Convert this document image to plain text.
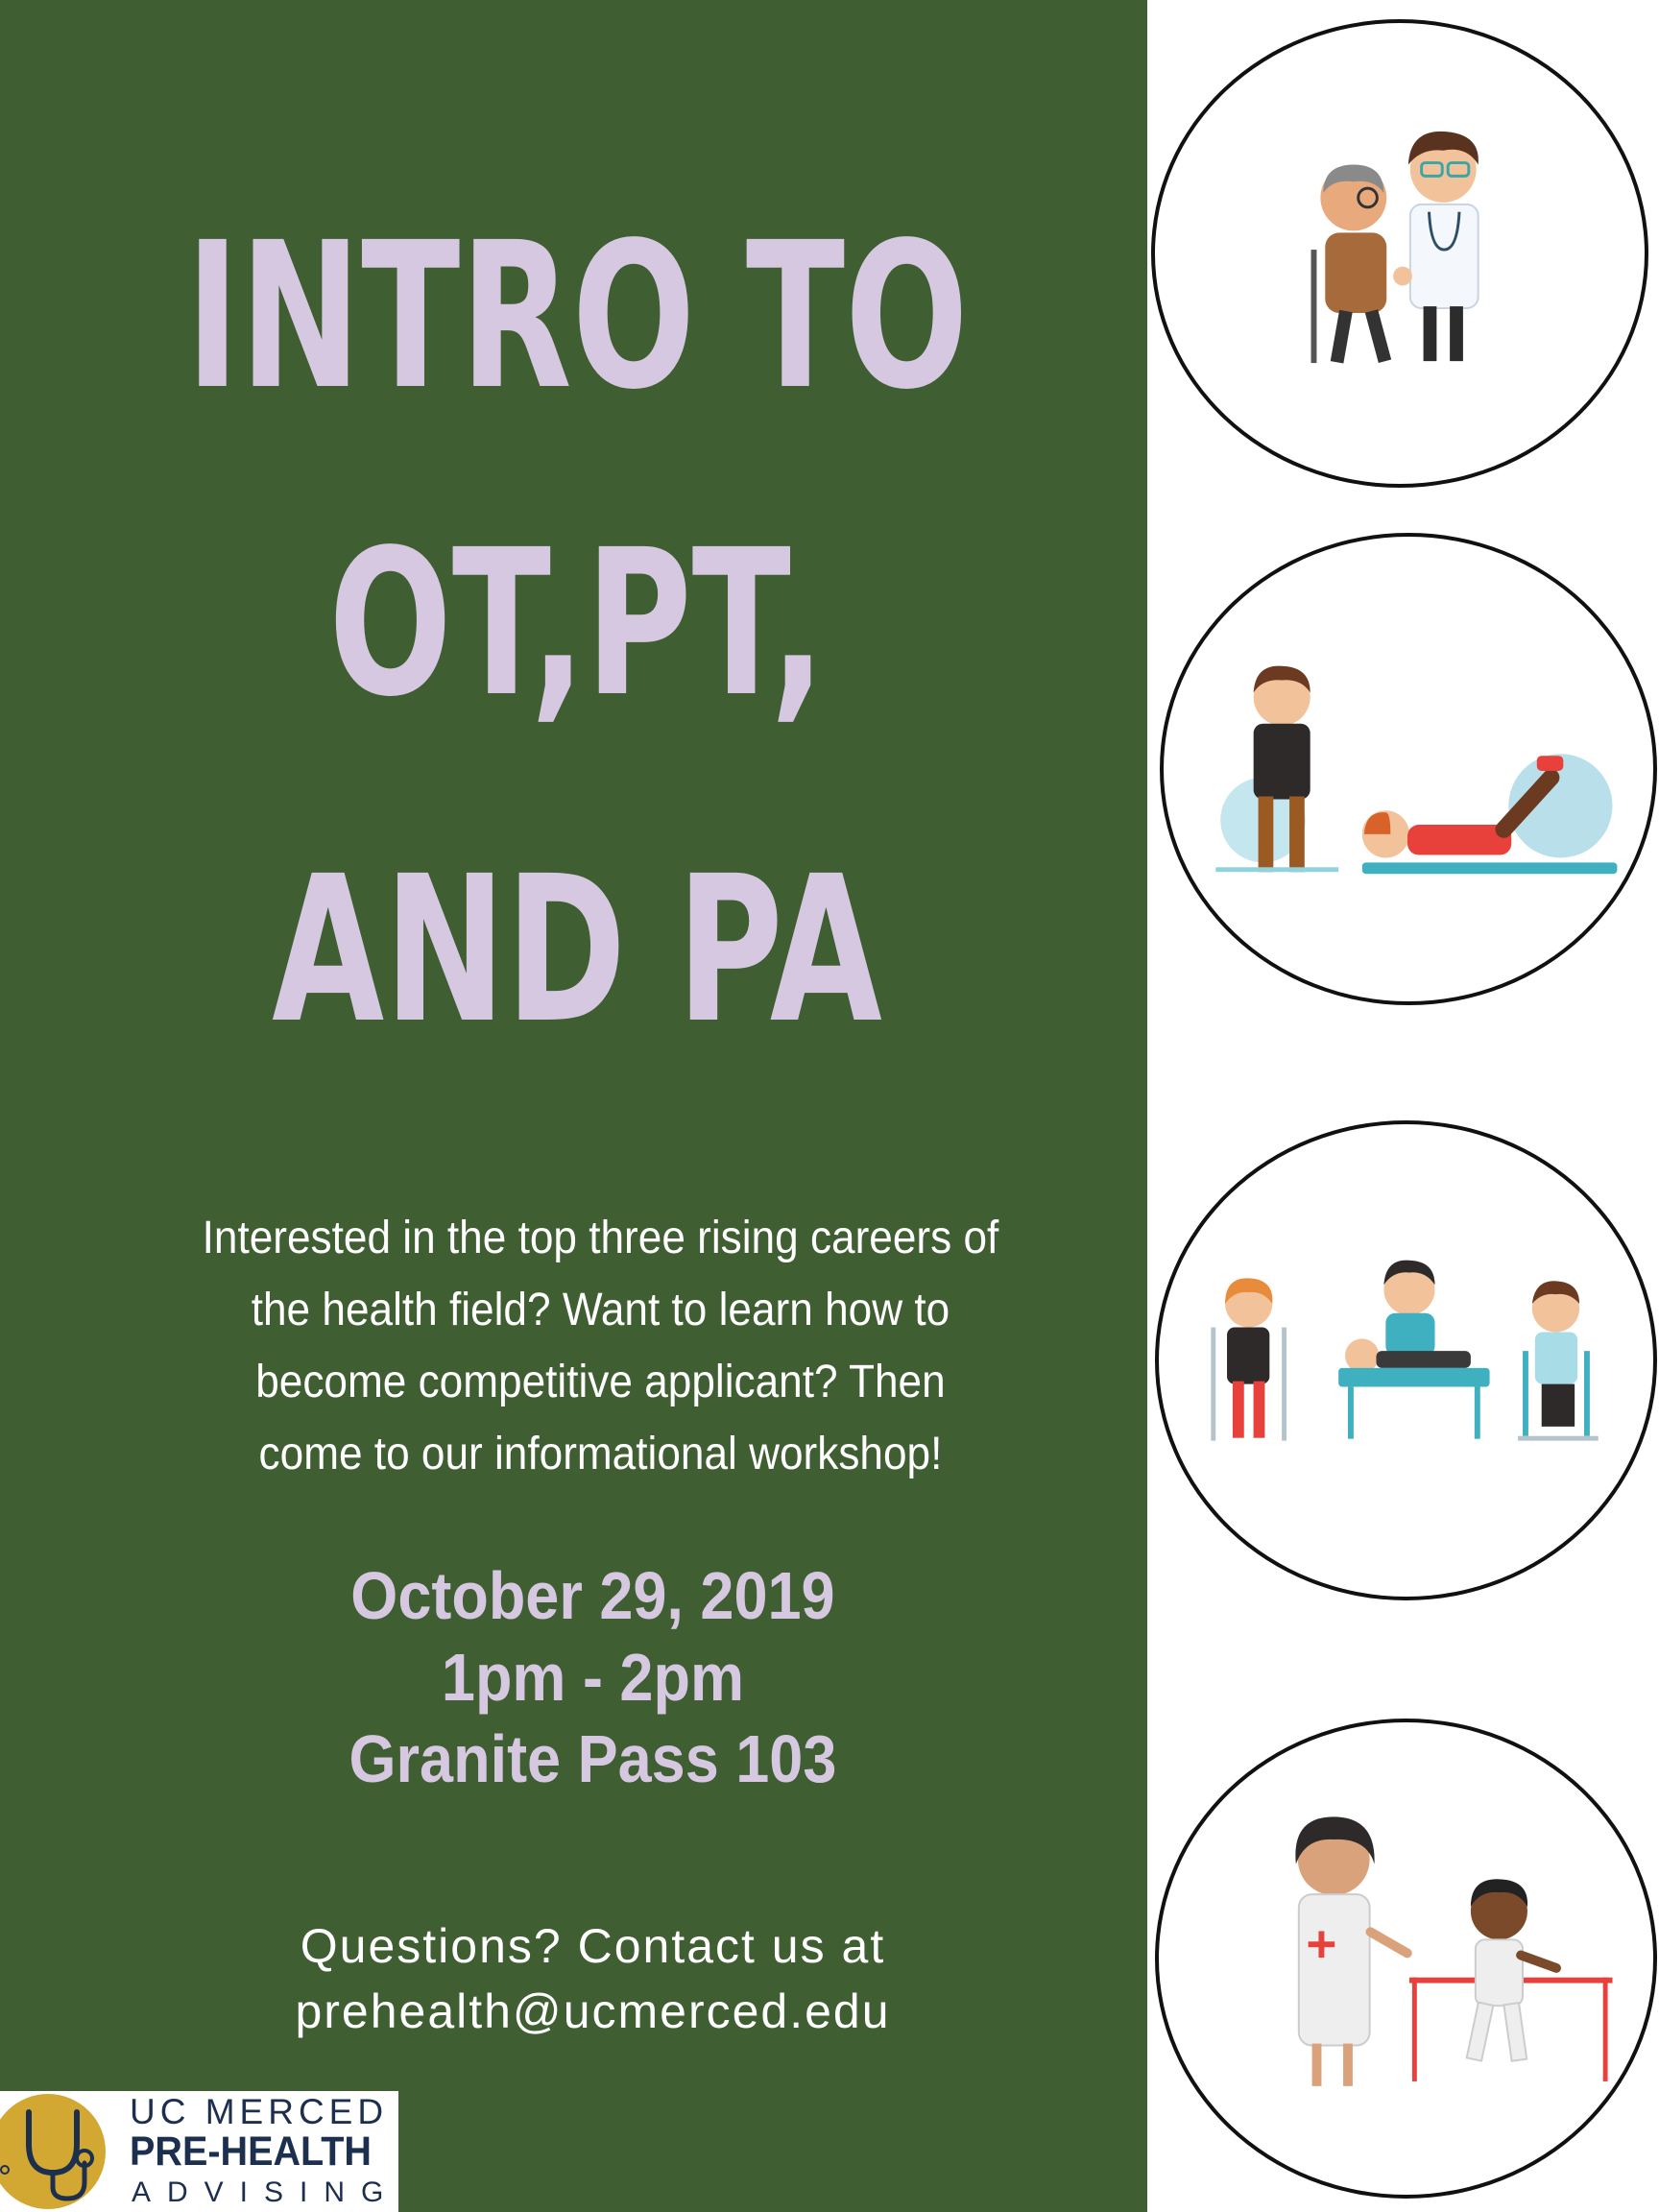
INTRO TO
OT,PT,
AND PA
Interested in the top three rising careers of
the health field? Want to learn how to
become competitive applicant? Then
come to our informational workshop!
October 29, 2019
1pm - 2pm
Granite Pass 103
Questions? Contact us at
prehealth@ucmerced.edu
UC MERCED
PRE-HEALTH
ADVISING
